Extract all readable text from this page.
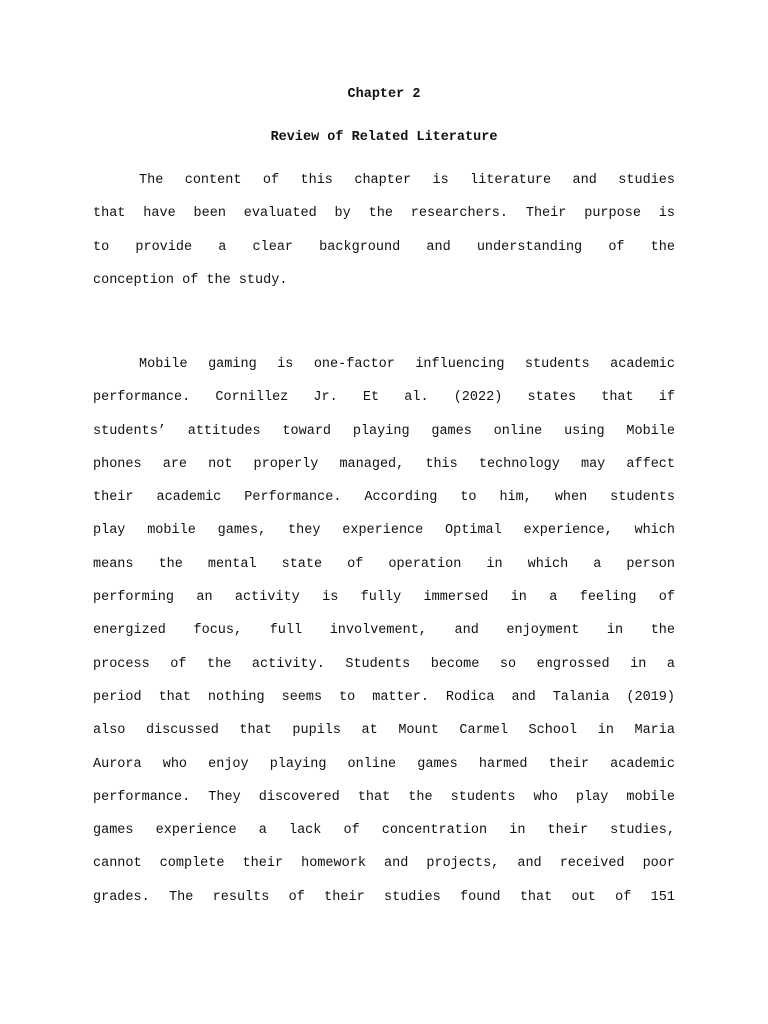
Chapter 2
Review of Related Literature
The content of this chapter is literature and studies
that have been evaluated by the researchers. Their purpose is
to provide a clear background and understanding of the
conception of the study.
Mobile gaming is one-factor influencing students academic
performance. Cornillez Jr. Et al. (2022) states that if
students’ attitudes toward playing games online using Mobile
phones are not properly managed, this technology may affect
their academic Performance. According to him, when students
play mobile games, they experience Optimal experience, which
means the mental state of operation in which a person
performing an activity is fully immersed in a feeling of
energized focus, full involvement, and enjoyment in the
process of the activity. Students become so engrossed in a
period that nothing seems to matter. Rodica and Talania (2019)
also discussed that pupils at Mount Carmel School in Maria
Aurora who enjoy playing online games harmed their academic
performance. They discovered that the students who play mobile
games experience a lack of concentration in their studies,
cannot complete their homework and projects, and received poor
grades. The results of their studies found that out of 151
